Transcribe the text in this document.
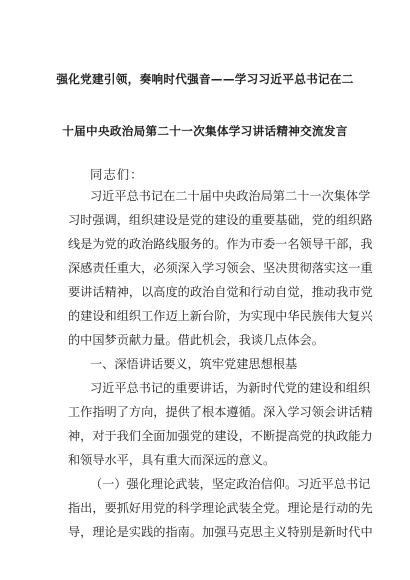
强化党建引领，奏响时代强音——学习习近平总书记在二
十届中央政治局第二十一次集体学习讲话精神交流发言
同志们：
习近平总书记在二十届中央政治局第二十一次集体学
习时强调，组织建设是党的建设的重要基础，党的组织路
线是为党的政治路线服务的。作为市委一名领导干部，我
深感责任重大，必须深入学习领会、坚决贯彻落实这一重
要讲话精神，以高度的政治自觉和行动自觉，推动我市党
的建设和组织工作迈上新台阶，为实现中华民族伟大复兴
的中国梦贡献力量。借此机会，我谈几点体会。
一、深悟讲话要义，筑牢党建思想根基
习近平总书记的重要讲话，为新时代党的建设和组织
工作指明了方向，提供了根本遵循。深入学习领会讲话精
神，对于我们全面加强党的建设，不断提高党的执政能力
和领导水平，具有重大而深远的意义。
（一）强化理论武装，坚定政治信仰。习近平总书记
指出，要抓好用党的科学理论武装全党。理论是行动的先
导，理论是实践的指南。加强马克思主义特别是新时代中
